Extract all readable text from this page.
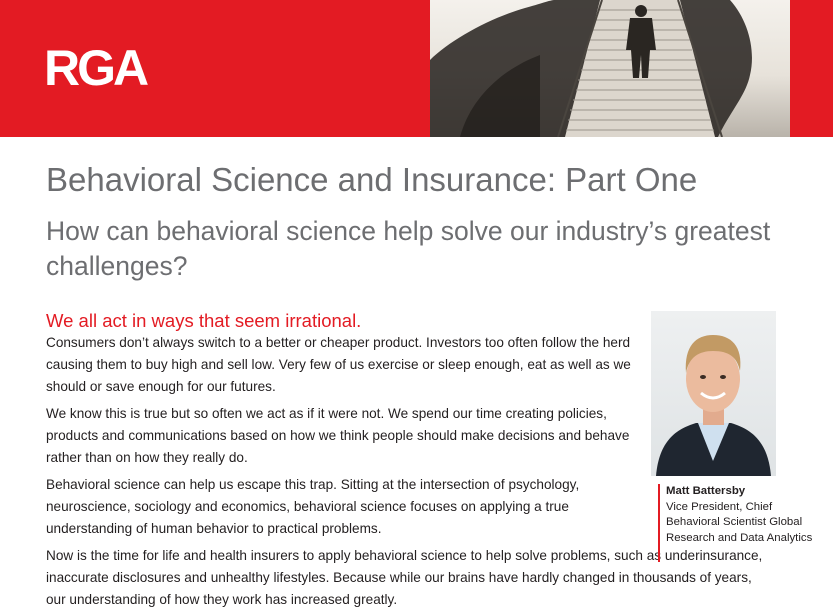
RGA
Behavioral Science and Insurance: Part One
How can behavioral science help solve our industry’s greatest challenges?
We all act in ways that seem irrational.

Consumers don’t always switch to a better or cheaper product. Investors too often follow the herd causing them to buy high and sell low. Very few of us exercise or sleep enough, eat as well as we should or save enough for our futures.

We know this is true but so often we act as if it were not. We spend our time creating policies, products and communications based on how we think people should make decisions and behave rather than on how they really do.

Behavioral science can help us escape this trap. Sitting at the intersection of psychology, neuroscience, sociology and economics, behavioral science focuses on applying a true understanding of human behavior to practical problems.

Now is the time for life and health insurers to apply behavioral science to help solve problems, such as underinsurance, inaccurate disclosures and unhealthy lifestyles. Because while our brains have hardly changed in thousands of years, our understanding of how they work has increased greatly.

Matt Battersby
Vice President, Chief Behavioral Scientist Global Research and Data Analytics
